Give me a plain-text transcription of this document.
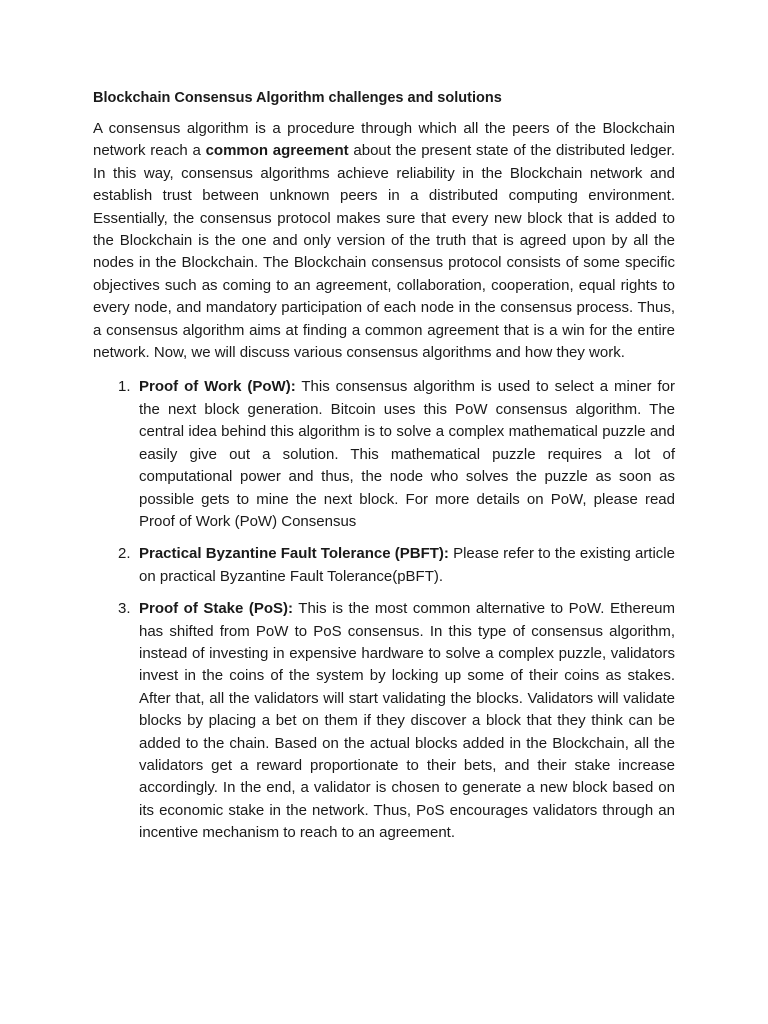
Blockchain Consensus Algorithm challenges and solutions

A consensus algorithm is a procedure through which all the peers of the Blockchain network reach a common agreement about the present state of the distributed ledger. In this way, consensus algorithms achieve reliability in the Blockchain network and establish trust between unknown peers in a distributed computing environment. Essentially, the consensus protocol makes sure that every new block that is added to the Blockchain is the one and only version of the truth that is agreed upon by all the nodes in the Blockchain. The Blockchain consensus protocol consists of some specific objectives such as coming to an agreement, collaboration, cooperation, equal rights to every node, and mandatory participation of each node in the consensus process. Thus, a consensus algorithm aims at finding a common agreement that is a win for the entire network. Now, we will discuss various consensus algorithms and how they work.

1. Proof of Work (PoW): This consensus algorithm is used to select a miner for the next block generation. Bitcoin uses this PoW consensus algorithm. The central idea behind this algorithm is to solve a complex mathematical puzzle and easily give out a solution. This mathematical puzzle requires a lot of computational power and thus, the node who solves the puzzle as soon as possible gets to mine the next block. For more details on PoW, please read Proof of Work (PoW) Consensus
2. Practical Byzantine Fault Tolerance (PBFT): Please refer to the existing article on practical Byzantine Fault Tolerance(pBFT).
3. Proof of Stake (PoS): This is the most common alternative to PoW. Ethereum has shifted from PoW to PoS consensus. In this type of consensus algorithm, instead of investing in expensive hardware to solve a complex puzzle, validators invest in the coins of the system by locking up some of their coins as stakes. After that, all the validators will start validating the blocks. Validators will validate blocks by placing a bet on them if they discover a block that they think can be added to the chain. Based on the actual blocks added in the Blockchain, all the validators get a reward proportionate to their bets, and their stake increase accordingly. In the end, a validator is chosen to generate a new block based on its economic stake in the network. Thus, PoS encourages validators through an incentive mechanism to reach to an agreement.
